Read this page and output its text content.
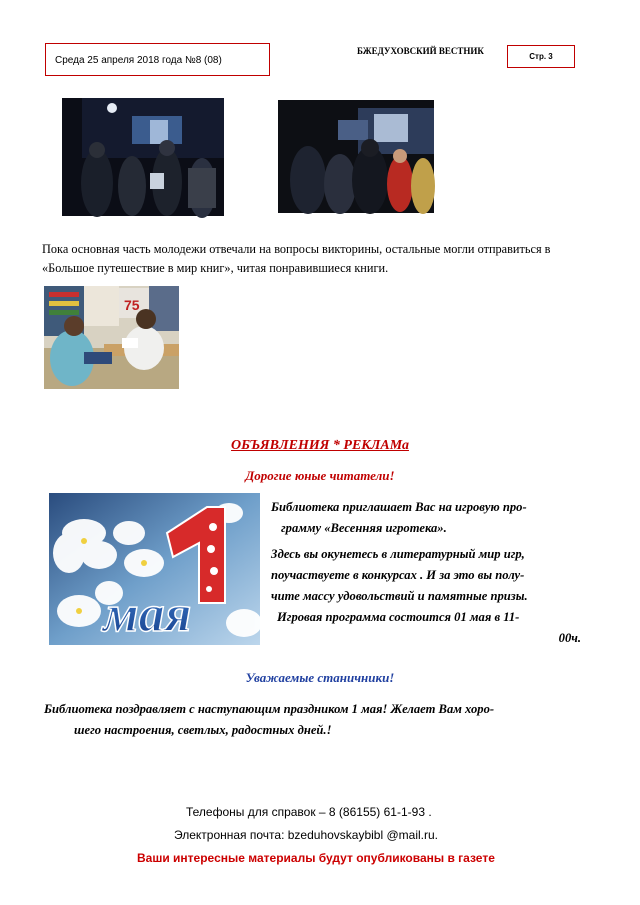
Среда 25 апреля 2018 года №8 (08)
БЖЕДУХОВСКИЙ ВЕСТНИК
Стр. 3
Пока основная часть молодежи отвечали на вопросы викторины, остальные могли отправиться в
«Большое путешествие в мир книг», читая понравившиеся книги.
75
ОБЪЯВЛЕНИЯ * РЕКЛАМа
Дорогие юные читатели!
1
мая
Библиотека приглашает Вас на игровую про-
грамму «Весенняя игротека».
Здесь вы окунетесь в литературный мир игр,
поучаствуете в конкурсах . И за это вы полу-
чите массу удовольствий и памятные призы.
Игровая программа состоится 01 мая в 11-
00ч.
Уважаемые станичники!
Библиотека поздравляет с наступающим праздником 1 мая! Желает Вам хоро-
шего настроения, светлых, радостных дней.!
Телефоны для справок – 8 (86155) 61-1-93 .
Электронная почта: bzeduhovskaybibl @mail.ru.
Ваши интересные материалы будут опубликованы в газете
